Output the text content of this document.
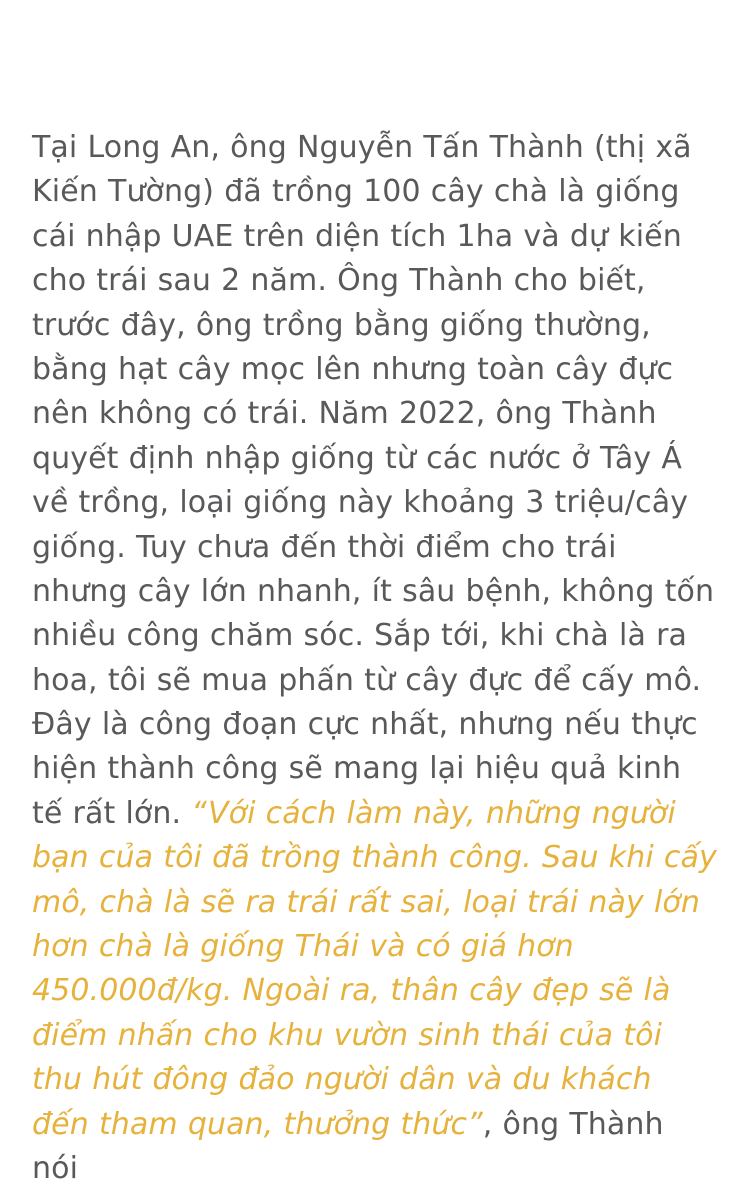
Tại Long An, ông Nguyễn Tấn Thành (thị xã Kiến Tường) đã trồng 100 cây chà là giống cái nhập UAE trên diện tích 1ha và dự kiến cho trái sau 2 năm. Ông Thành cho biết, trước đây, ông trồng bằng giống thường, bằng hạt cây mọc lên nhưng toàn cây đực nên không có trái. Năm 2022, ông Thành quyết định nhập giống từ các nước ở Tây Á về trồng, loại giống này khoảng 3 triệu/cây giống. Tuy chưa đến thời điểm cho trái nhưng cây lớn nhanh, ít sâu bệnh, không tốn nhiều công chăm sóc. Sắp tới, khi chà là ra hoa, tôi sẽ mua phấn từ cây đực để cấy mô. Đây là công đoạn cực nhất, nhưng nếu thực hiện thành công sẽ mang lại hiệu quả kinh tế rất lớn. “Với cách làm này, những người bạn của tôi đã trồng thành công. Sau khi cấy mô, chà là sẽ ra trái rất sai, loại trái này lớn hơn chà là giống Thái và có giá hơn 450.000đ/kg. Ngoài ra, thân cây đẹp sẽ là điểm nhấn cho khu vườn sinh thái của tôi thu hút đông đảo người dân và du khách đến tham quan, thưởng thức”, ông Thành nói
